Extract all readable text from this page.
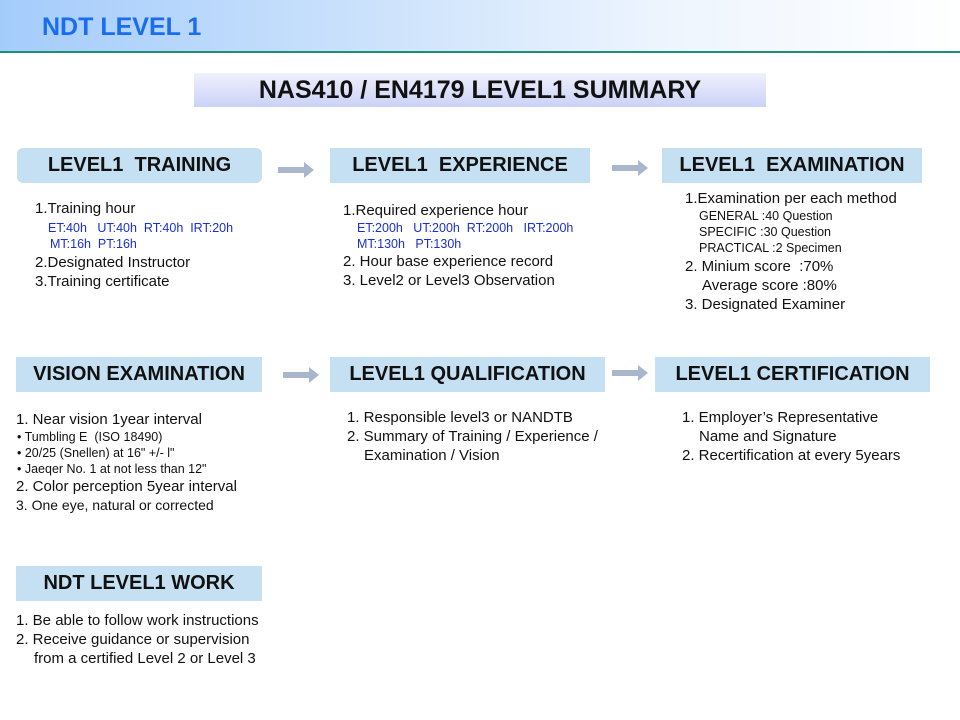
NDT LEVEL 1
NAS410 / EN4179 LEVEL1 SUMMARY
LEVEL1  TRAINING	LEVEL1  EXPERIENCE	LEVEL1  EXAMINATION
VISION EXAMINATION	LEVEL1 QUALIFICATION	LEVEL1 CERTIFICATION
NDT LEVEL1 WORK
1.Training hour
ET:40h   UT:40h  RT:40h  IRT:20h
MT:16h  PT:16h
2.Designated Instructor
3.Training certificate
1.Required experience hour
ET:200h   UT:200h  RT:200h   IRT:200h
MT:130h   PT:130h
2. Hour base experience record
3. Level2 or Level3 Observation
1.Examination per each method
GENERAL :40 Question
SPECIFIC :30 Question
PRACTICAL :2 Specimen
2. Minium score  :70%
Average score :80%
3. Designated Examiner
1. Near vision 1year interval
• Tumbling E  (ISO 18490)
• 20/25 (Snellen) at 16" +/- l"
• Jaeqer No. 1 at not less than 12"
2. Color perception 5year interval
3. One eye, natural or corrected
1. Responsible level3 or NANDTB
2. Summary of Training / Experience /
Examination / Vision
1. Employer’s Representative
Name and Signature
2. Recertification at every 5years
1. Be able to follow work instructions
2. Receive guidance or supervision
from a certified Level 2 or Level 3
